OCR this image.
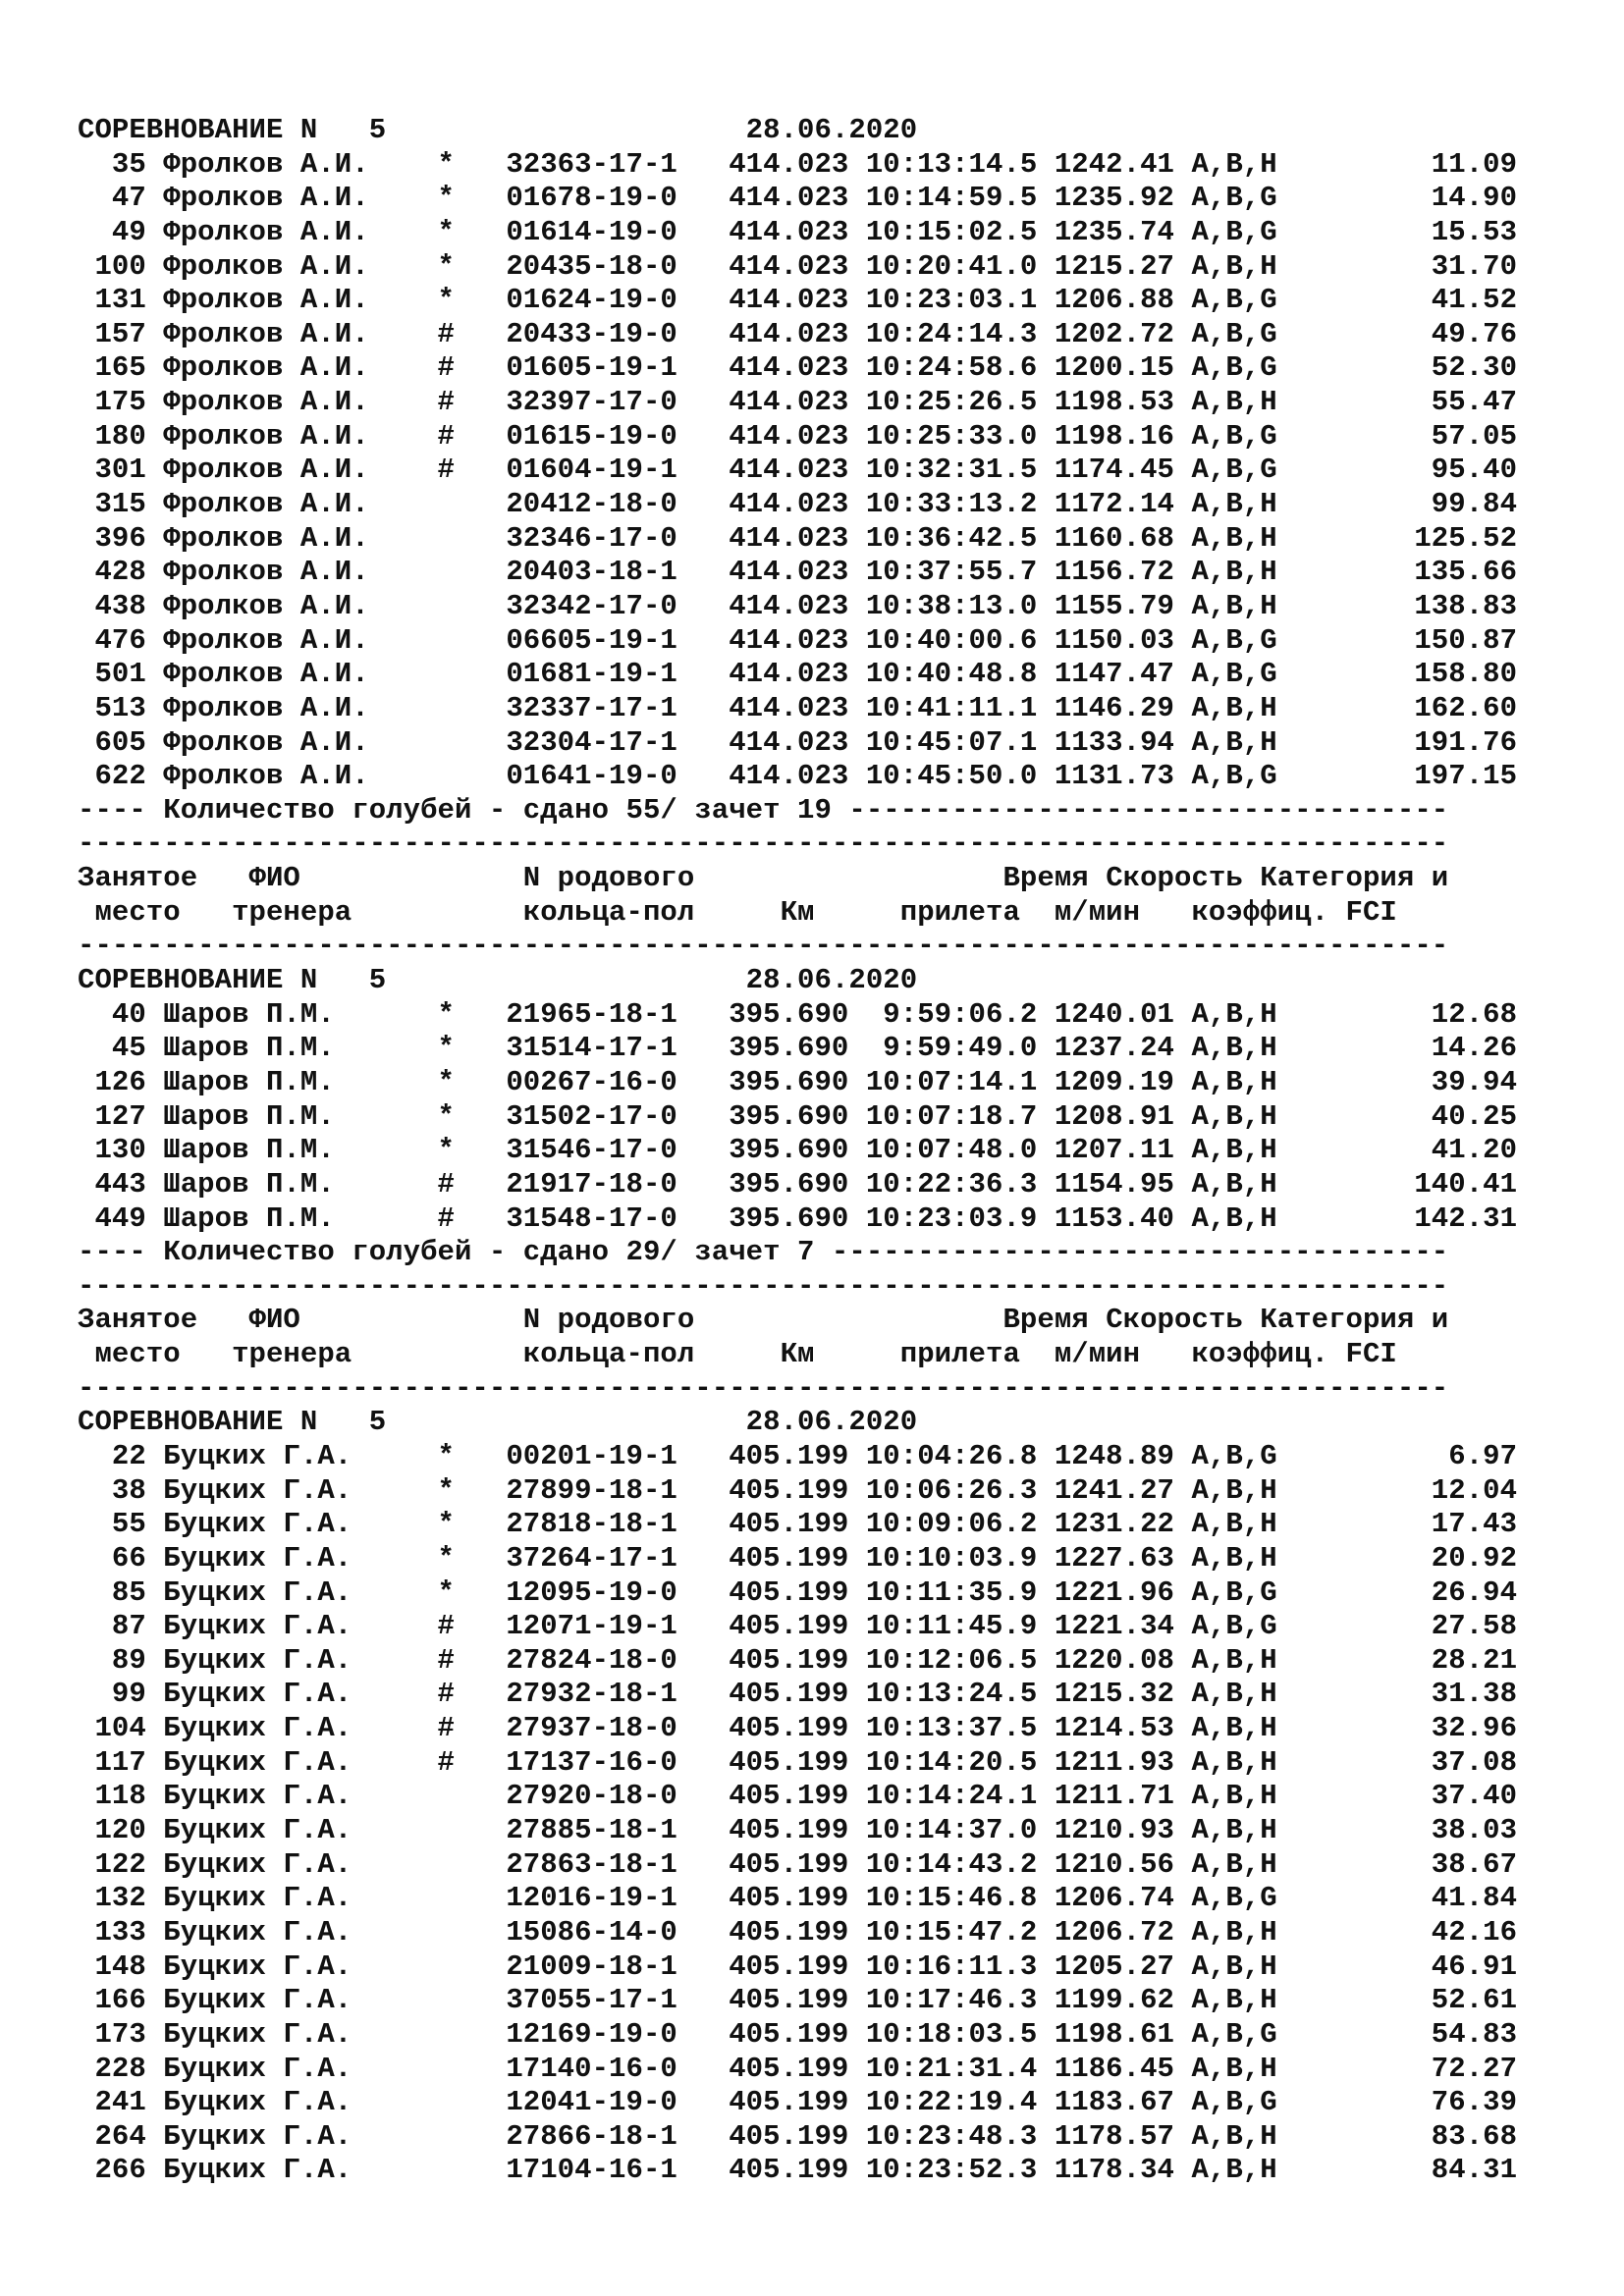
СОРЕВНОВАНИЕ N   5	28.06.2020
35 Фролков А.И. * 32363-17-1 414.023 10:13:14.5 1242.41 A,B,H	11.09
47 Фролков А.И. * 01678-19-0 414.023 10:14:59.5 1235.92 A,B,G	14.90
49 Фролков А.И. * 01614-19-0 414.023 10:15:02.5 1235.74 A,B,G	15.53
100 Фролков А.И. * 20435-18-0 414.023 10:20:41.0 1215.27 A,B,H	31.70
131 Фролков А.И. * 01624-19-0 414.023 10:23:03.1 1206.88 A,B,G	41.52
157 Фролков А.И. # 20433-19-0 414.023 10:24:14.3 1202.72 A,B,G	49.76
165 Фролков А.И. # 01605-19-1 414.023 10:24:58.6 1200.15 A,B,G	52.30
175 Фролков А.И. # 32397-17-0 414.023 10:25:26.5 1198.53 A,B,H	55.47
180 Фролков А.И. # 01615-19-0 414.023 10:25:33.0 1198.16 A,B,G	57.05
301 Фролков А.И. # 01604-19-1 414.023 10:32:31.5 1174.45 A,B,G	95.40
315 Фролков А.И.	20412-18-0 414.023 10:33:13.2 1172.14 A,B,H	99.84
396 Фролков А.И.	32346-17-0 414.023 10:36:42.5 1160.68 A,B,H	125.52
428 Фролков А.И.	20403-18-1 414.023 10:37:55.7 1156.72 A,B,H	135.66
438 Фролков А.И.	32342-17-0 414.023 10:38:13.0 1155.79 A,B,H	138.83
476 Фролков А.И.	06605-19-1 414.023 10:40:00.6 1150.03 A,B,G	150.87
501 Фролков А.И.	01681-19-1 414.023 10:40:48.8 1147.47 A,B,G	158.80
513 Фролков А.И.	32337-17-1 414.023 10:41:11.1 1146.29 A,B,H	162.60
605 Фролков А.И.	32304-17-1 414.023 10:45:07.1 1133.94 A,B,H	191.76
622 Фролков А.И.	01641-19-0 414.023 10:45:50.0 1131.73 A,B,G	197.15
---- Количество голубей - сдано 55/ зачет 19 -----------------------------------
--------------------------------------------------------------------------------
Занятое ФИО	N родового	Время Скорость Категория и
место тренера	кольца-пол	Км	прилета м/мин коэффиц. FCI
--------------------------------------------------------------------------------
СОРЕВНОВАНИЕ N   5	28.06.2020
40 Шаров П.М.	* 21965-18-1 395.690 9:59:06.2 1240.01 A,B,H	12.68
45 Шаров П.М.	* 31514-17-1 395.690 9:59:49.0 1237.24 A,B,H	14.26
126 Шаров П.М.	* 00267-16-0 395.690 10:07:14.1 1209.19 A,B,H	39.94
127 Шаров П.М.	* 31502-17-0 395.690 10:07:18.7 1208.91 A,B,H	40.25
130 Шаров П.М.	* 31546-17-0 395.690 10:07:48.0 1207.11 A,B,H	41.20
443 Шаров П.М.	# 21917-18-0 395.690 10:22:36.3 1154.95 A,B,H	140.41
449 Шаров П.М.	# 31548-17-0 395.690 10:23:03.9 1153.40 A,B,H	142.31
---- Количество голубей - сдано 29/ зачет 7 ------------------------------------
--------------------------------------------------------------------------------
Занятое ФИО	N родового	Время Скорость Категория и
место тренера	кольца-пол	Км	прилета м/мин коэффиц. FCI
--------------------------------------------------------------------------------
СОРЕВНОВАНИЕ N   5	28.06.2020
22 Буцких Г.А.	* 00201-19-1 405.199 10:04:26.8 1248.89 A,B,G	6.97
38 Буцких Г.А.	* 27899-18-1 405.199 10:06:26.3 1241.27 A,B,H	12.04
55 Буцких Г.А.	* 27818-18-1 405.199 10:09:06.2 1231.22 A,B,H	17.43
66 Буцких Г.А.	* 37264-17-1 405.199 10:10:03.9 1227.63 A,B,H	20.92
85 Буцких Г.А.	* 12095-19-0 405.199 10:11:35.9 1221.96 A,B,G	26.94
87 Буцких Г.А.	# 12071-19-1 405.199 10:11:45.9 1221.34 A,B,G	27.58
89 Буцких Г.А.	# 27824-18-0 405.199 10:12:06.5 1220.08 A,B,H	28.21
99 Буцких Г.А.	# 27932-18-1 405.199 10:13:24.5 1215.32 A,B,H	31.38
104 Буцких Г.А.	# 27937-18-0 405.199 10:13:37.5 1214.53 A,B,H	32.96
117 Буцких Г.А.	# 17137-16-0 405.199 10:14:20.5 1211.93 A,B,H	37.08
118 Буцких Г.А.	27920-18-0 405.199 10:14:24.1 1211.71 A,B,H	37.40
120 Буцких Г.А.	27885-18-1 405.199 10:14:37.0 1210.93 A,B,H	38.03
122 Буцких Г.А.	27863-18-1 405.199 10:14:43.2 1210.56 A,B,H	38.67
132 Буцких Г.А.	12016-19-1 405.199 10:15:46.8 1206.74 A,B,G	41.84
133 Буцких Г.А.	15086-14-0 405.199 10:15:47.2 1206.72 A,B,H	42.16
148 Буцких Г.А.	21009-18-1 405.199 10:16:11.3 1205.27 A,B,H	46.91
166 Буцких Г.А.	37055-17-1 405.199 10:17:46.3 1199.62 A,B,H	52.61
173 Буцких Г.А.	12169-19-0 405.199 10:18:03.5 1198.61 A,B,G	54.83
228 Буцких Г.А.	17140-16-0 405.199 10:21:31.4 1186.45 A,B,H	72.27
241 Буцких Г.А.	12041-19-0 405.199 10:22:19.4 1183.67 A,B,G	76.39
264 Буцких Г.А.	27866-18-1 405.199 10:23:48.3 1178.57 A,B,H	83.68
266 Буцких Г.А.	17104-16-1 405.199 10:23:52.3 1178.34 A,B,H	84.31
